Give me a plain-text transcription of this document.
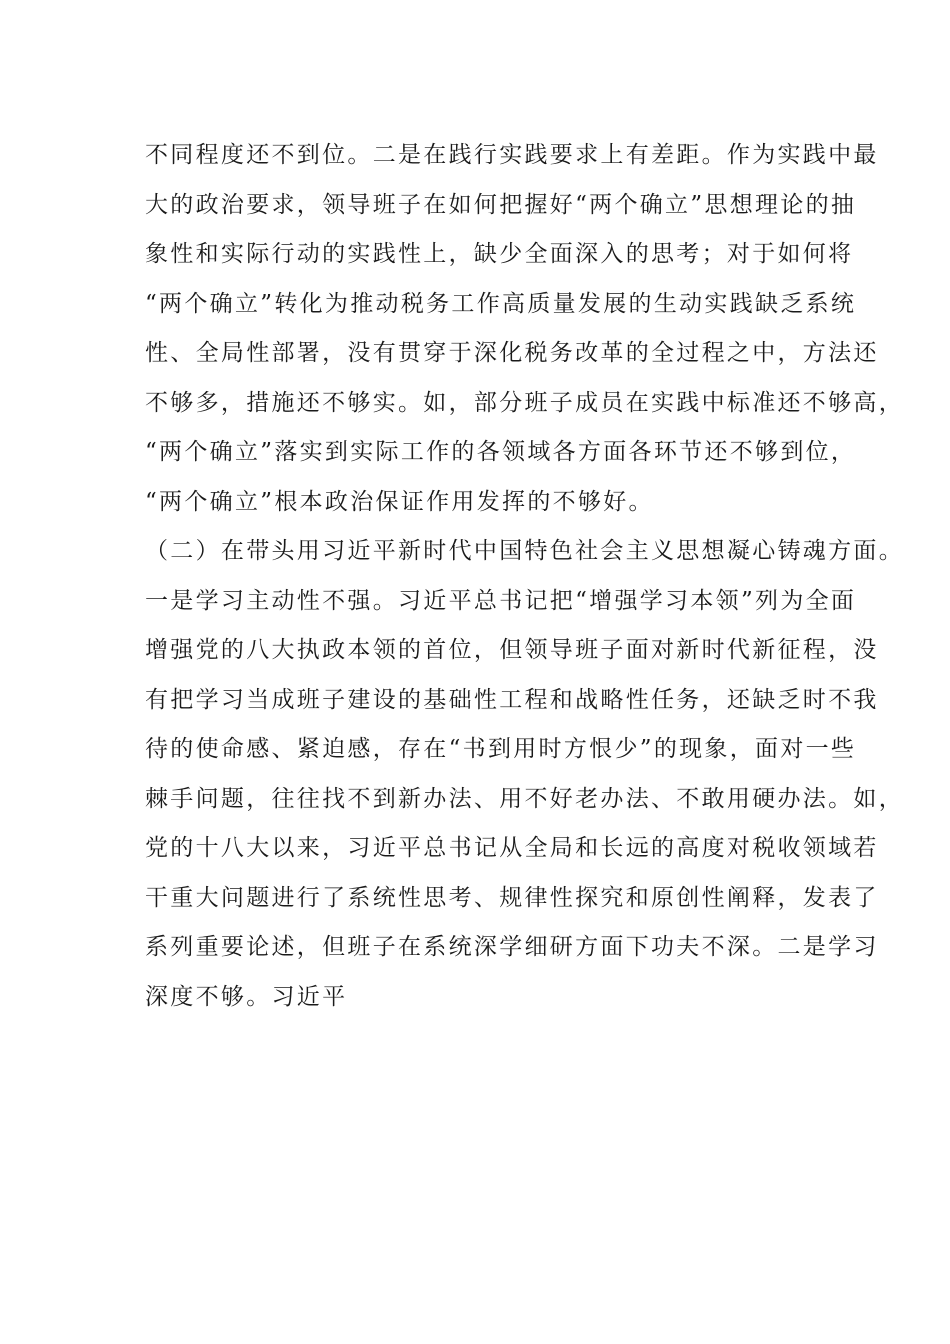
不同程度还不到位。二是在践行实践要求上有差距。作为实践中最
大的政治要求，领导班子在如何把握好“两个确立”思想理论的抽
象性和实际行动的实践性上，缺少全面深入的思考；对于如何将
“两个确立”转化为推动税务工作高质量发展的生动实践缺乏系统
性、全局性部署，没有贯穿于深化税务改革的全过程之中，方法还
不够多，措施还不够实。如，部分班子成员在实践中标准还不够高，
“两个确立”落实到实际工作的各领域各方面各环节还不够到位，
“两个确立”根本政治保证作用发挥的不够好。
（二）在带头用习近平新时代中国特色社会主义思想凝心铸魂方面。
一是学习主动性不强。习近平总书记把“增强学习本领”列为全面
增强党的八大执政本领的首位，但领导班子面对新时代新征程，没
有把学习当成班子建设的基础性工程和战略性任务，还缺乏时不我
待的使命感、紧迫感，存在“书到用时方恨少”的现象，面对一些
棘手问题，往往找不到新办法、用不好老办法、不敢用硬办法。如，
党的十八大以来，习近平总书记从全局和长远的高度对税收领域若
干重大问题进行了系统性思考、规律性探究和原创性阐释，发表了
系列重要论述，但班子在系统深学细研方面下功夫不深。二是学习
深度不够。习近平
